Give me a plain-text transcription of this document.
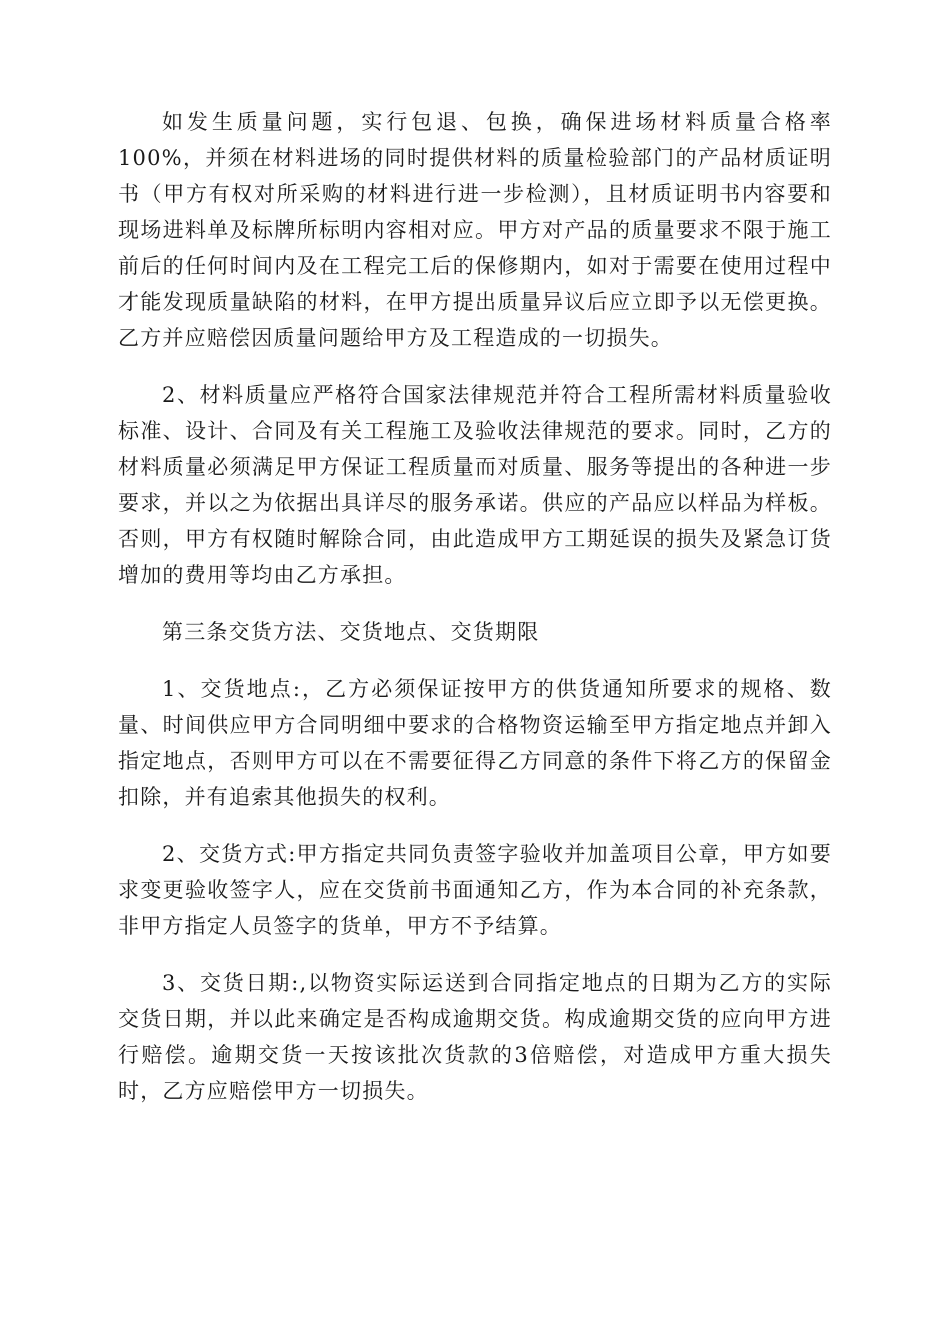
如发生质量问题，实行包退、包换，确保进场材料质量合格率100%，并须在材料进场的同时提供材料的质量检验部门的产品材质证明书（甲方有权对所采购的材料进行进一步检测），且材质证明书内容要和现场进料单及标牌所标明内容相对应。甲方对产品的质量要求不限于施工前后的任何时间内及在工程完工后的保修期内，如对于需要在使用过程中才能发现质量缺陷的材料，在甲方提出质量异议后应立即予以无偿更换。乙方并应赔偿因质量问题给甲方及工程造成的一切损失。

2、材料质量应严格符合国家法律规范并符合工程所需材料质量验收标准、设计、合同及有关工程施工及验收法律规范的要求。同时，乙方的材料质量必须满足甲方保证工程质量而对质量、服务等提出的各种进一步要求，并以之为依据出具详尽的服务承诺。供应的产品应以样品为样板。否则，甲方有权随时解除合同，由此造成甲方工期延误的损失及紧急订货增加的费用等均由乙方承担。

第三条交货方法、交货地点、交货期限

1、交货地点:，乙方必须保证按甲方的供货通知所要求的规格、数量、时间供应甲方合同明细中要求的合格物资运输至甲方指定地点并卸入指定地点，否则甲方可以在不需要征得乙方同意的条件下将乙方的保留金扣除，并有追索其他损失的权利。

2、交货方式:甲方指定共同负责签字验收并加盖项目公章，甲方如要求变更验收签字人，应在交货前书面通知乙方，作为本合同的补充条款，非甲方指定人员签字的货单，甲方不予结算。

3、交货日期:,以物资实际运送到合同指定地点的日期为乙方的实际交货日期，并以此来确定是否构成逾期交货。构成逾期交货的应向甲方进行赔偿。逾期交货一天按该批次货款的3倍赔偿，对造成甲方重大损失时，乙方应赔偿甲方一切损失。
